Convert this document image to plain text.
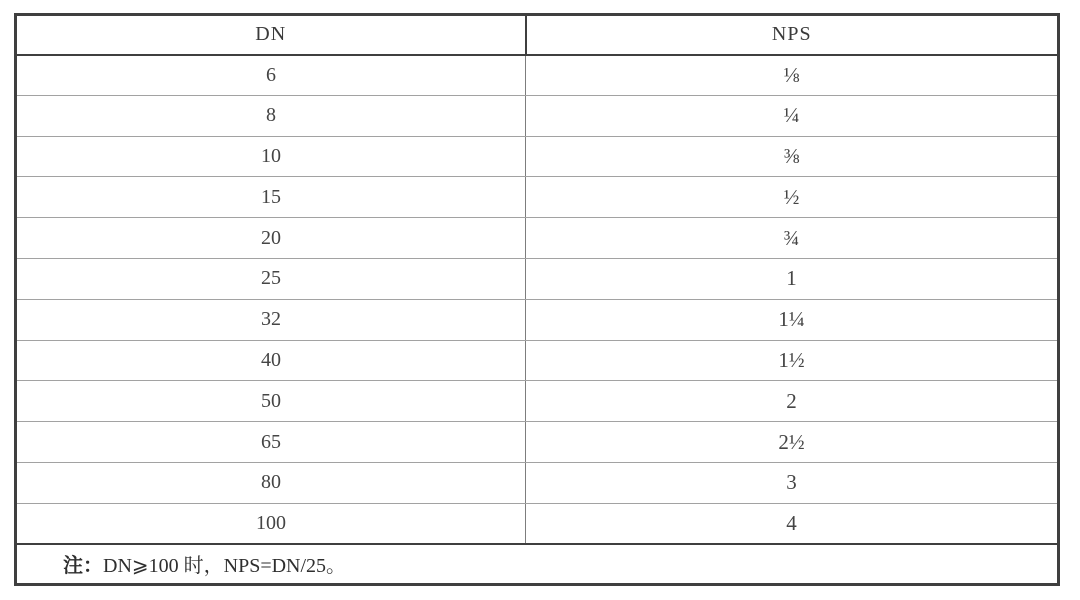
DN	NPS
6	⅛
8	¼
10	⅜
15	½
20	¾
25	1
32	1¼
40	1½
50	2
65	2½
80	3
100	4
注：DN⩾100 时，NPS=DN/25。	
